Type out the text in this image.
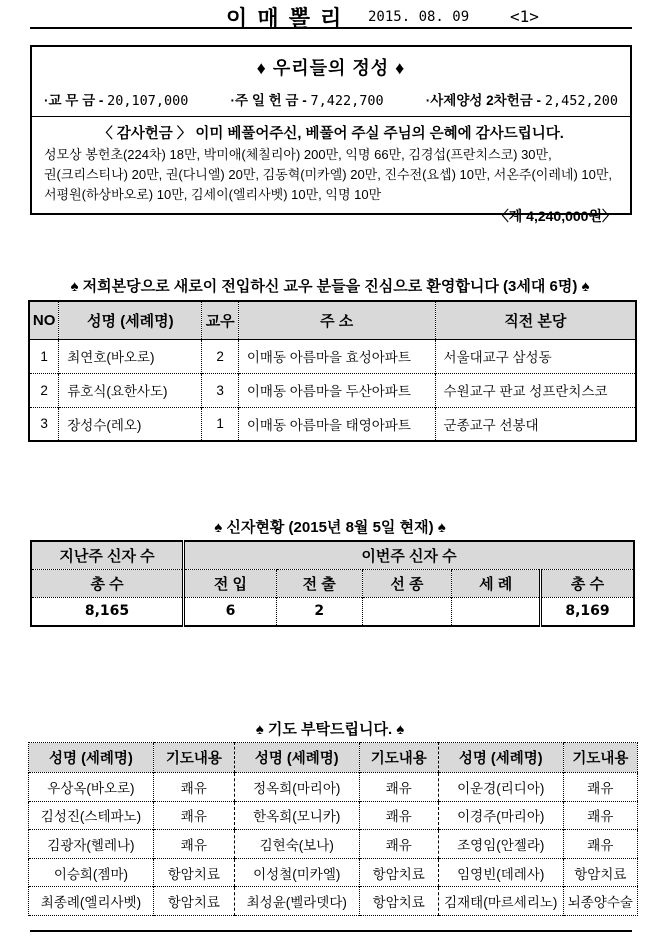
이 매 뽈 리 2015. 08. 09	<1>
♦ 우리들의 정성 ♦
·교 무 금 - 20,107,000	·주 일 헌 금 - 7,422,700	·사제양성 2차헌금 - 2,452,200
〈 감사헌금 〉 이미 베풀어주신, 베풀어 주실 주님의 은혜에 감사드립니다.
성모상 봉헌초(224차) 18만, 박미애(체칠리아) 200만, 익명 66만, 김경섭(프란치스코) 30만,
권(크리스티나) 20만, 권(다니엘) 20만, 김동혁(미카엘) 20만, 진수전(요셉) 10만, 서온주(이레네) 10만,
서평원(하상바오로) 10만, 김세이(엘리사벳) 10만, 익명 10만
〈계 4,240,000원〉
♠ 저희본당으로 새로이 전입하신 교우 분들을 진심으로 환영합니다 (3세대 6명) ♠
NO	성명 (세례명)	교우	주 소	직전 본당
1	최연호(바오로)	2	이매동 아름마을 효성아파트	서울대교구 삼성동
2	류호식(요한사도)	3	이매동 아름마을 두산아파트	수원교구 판교 성프란치스코
3	장성수(레오)	1	이매동 아름마을 태영아파트	군종교구 선봉대
♠ 신자현황 (2015년 8월 5일 현재) ♠
지난주 신자 수	이번주 신자 수				
총 수	전 입	전 출	선 종	세 례	총 수
8,165	6	2			8,169
♠ 기도 부탁드립니다. ♠
성명 (세례명)	기도내용	성명 (세례명)	기도내용	성명 (세례명)	기도내용
우상옥(바오로)	쾌유	정옥희(마리아)	쾌유	이운경(리디아)	쾌유
김성진(스테파노)	쾌유	한옥희(모니카)	쾌유	이경주(마리아)	쾌유
김광자(헬레나)	쾌유	김현숙(보나)	쾌유	조영임(안젤라)	쾌유
이승희(젬마)	항암치료	이성철(미카엘)	항암치료	임영빈(데레사)	항암치료
최종례(엘리사벳)	항암치료	최성윤(벨라뎃다)	항암치료	김재태(마르세리노)	뇌종양수술
